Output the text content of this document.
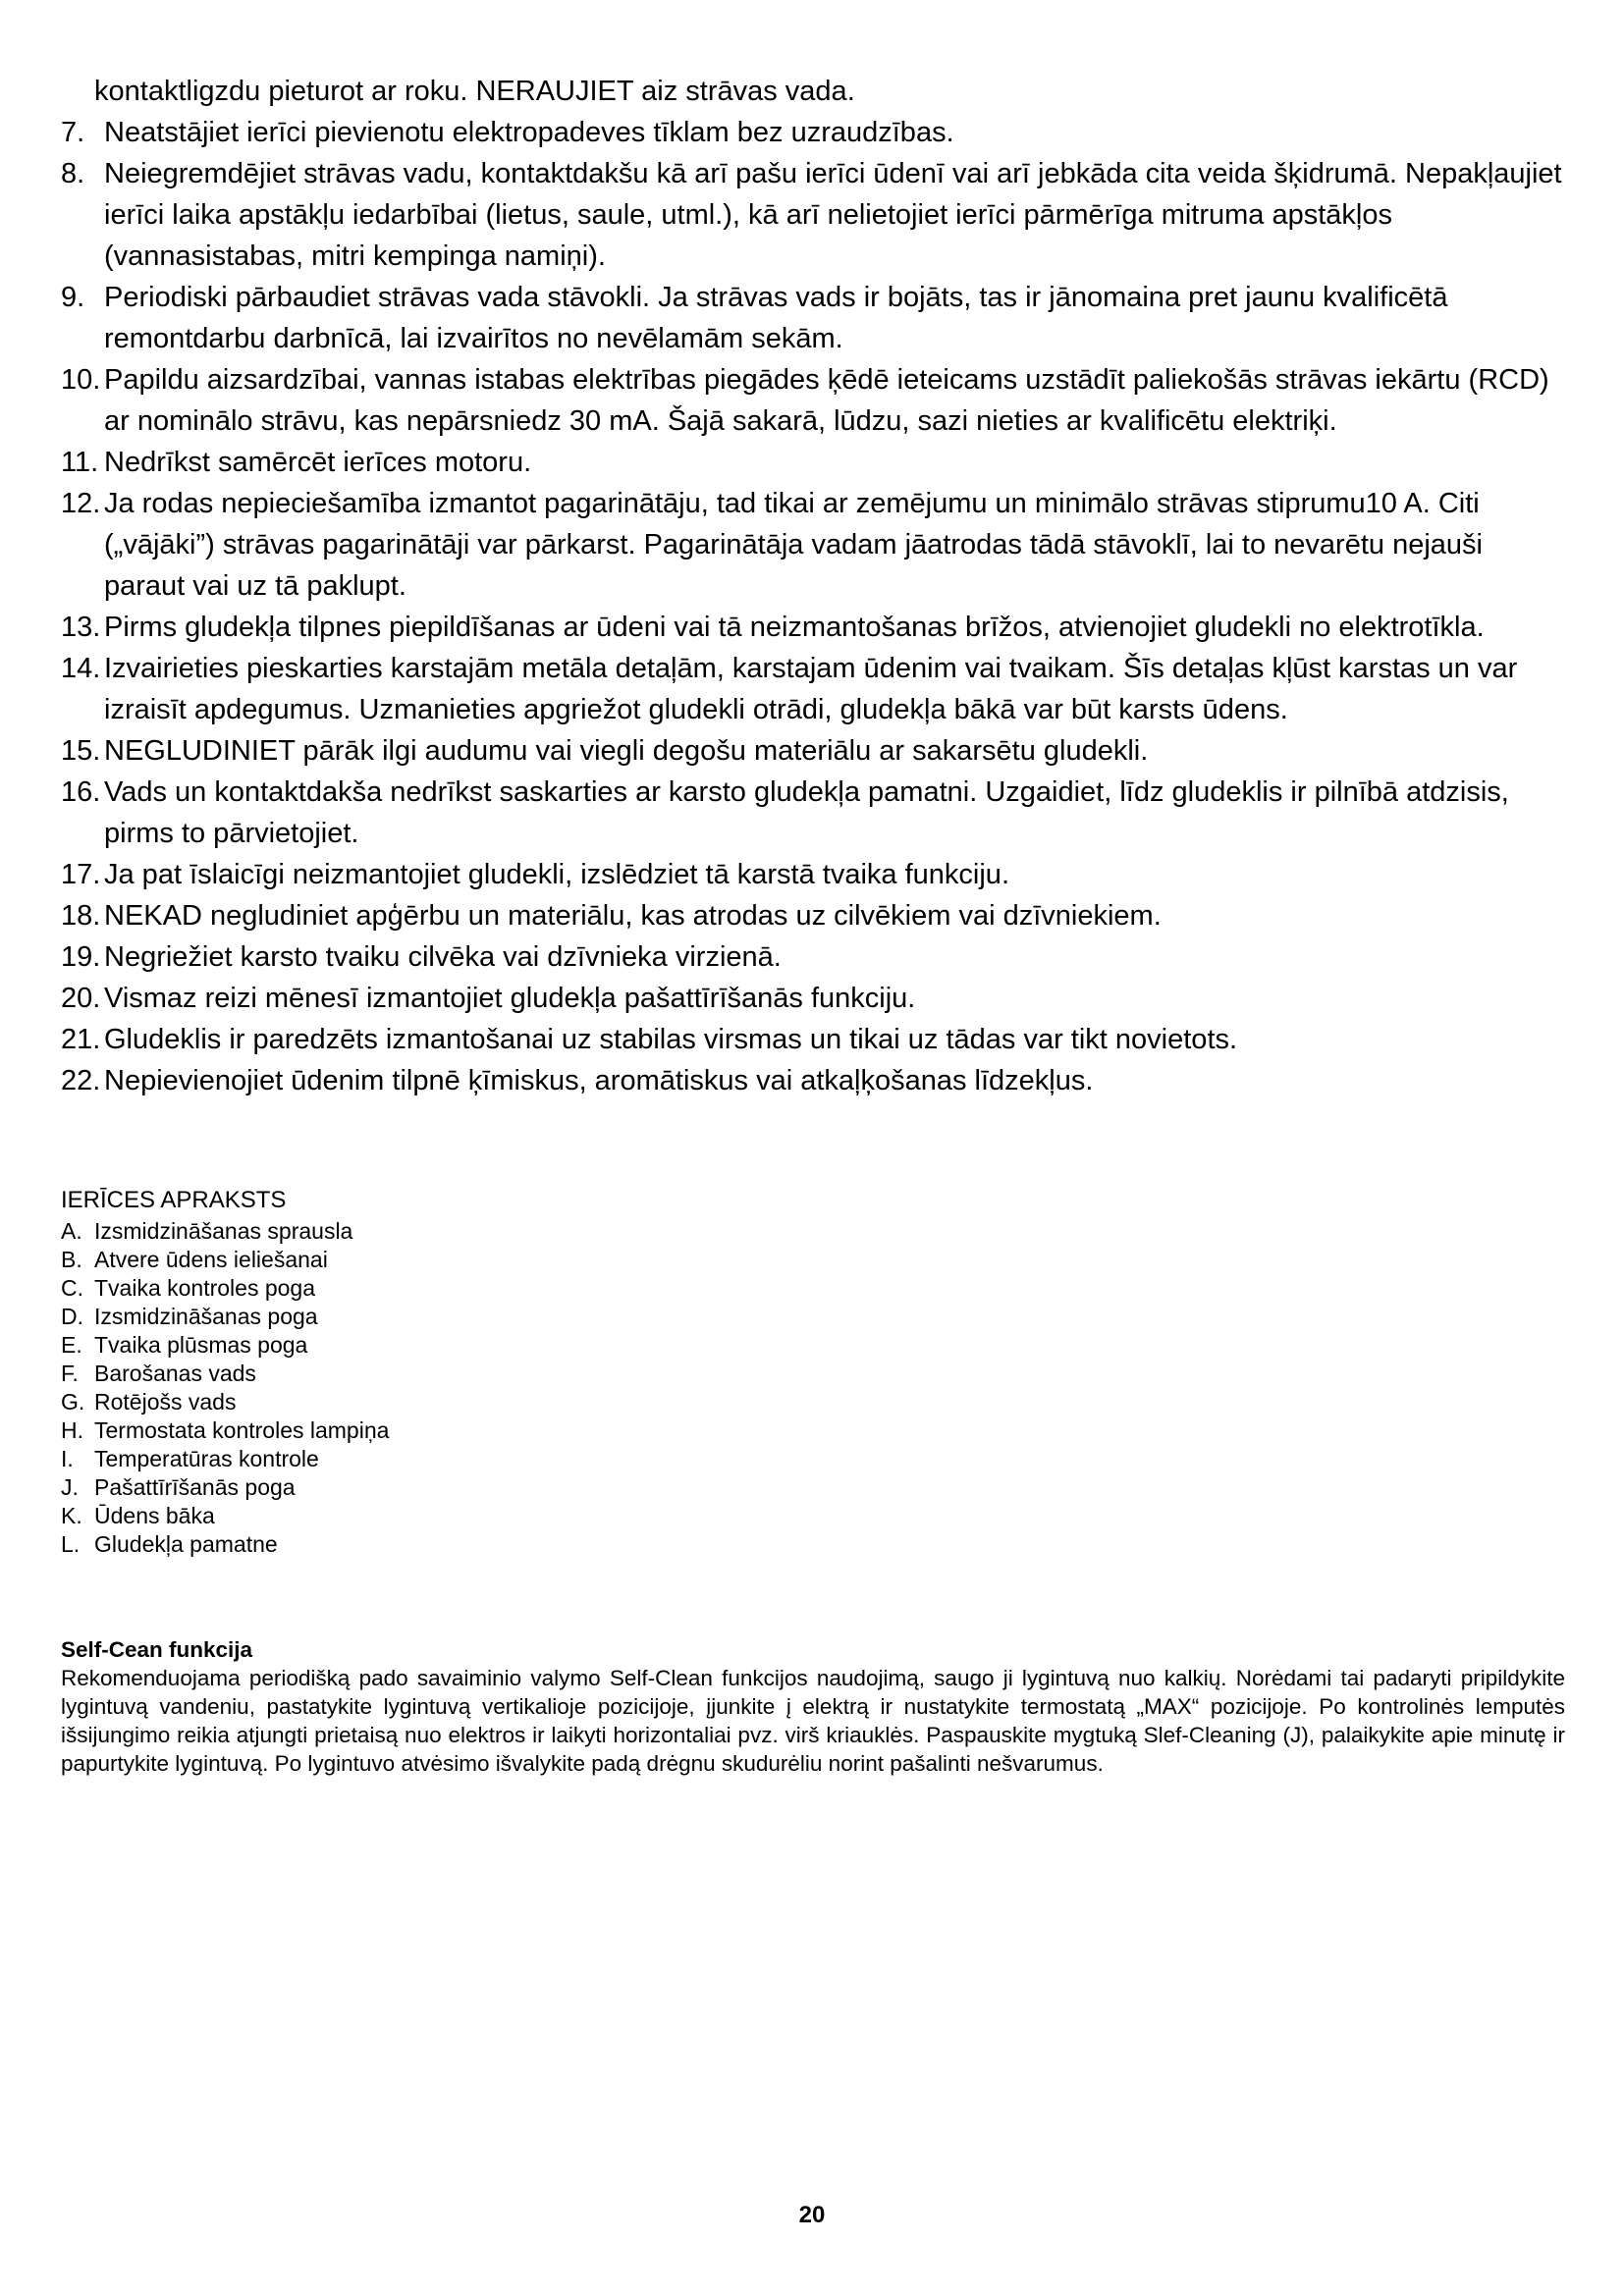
kontaktligzdu pieturot ar roku. NERAUJIET aiz strāvas vada.
7. Neatstājiet ierīci pievienotu elektropadeves tīklam bez uzraudzības.
8. Neiegremdējiet strāvas vadu, kontaktdakšu kā arī pašu ierīci ūdenī vai arī jebkāda cita veida šķidrumā. Nepakļaujiet ierīci laika apstākļu iedarbībai (lietus, saule, utml.), kā arī nelietojiet ierīci pārmērīga mitruma apstākļos (vannasistabas, mitri kempinga namiņi).
9. Periodiski pārbaudiet strāvas vada stāvokli. Ja strāvas vads ir bojāts, tas ir jānomaina pret jaunu kvalificētā remontdarbu darbnīcā, lai izvairītos no nevēlamām sekām.
10. Papildu aizsardzībai, vannas istabas elektrības piegādes ķēdē ieteicams uzstādīt paliekošās strāvas iekārtu (RCD) ar nominālo strāvu, kas nepārsniedz 30 mA. Šajā sakarā, lūdzu, sazi nieties ar kvalificētu elektriķi.
11. Nedrīkst samērcēt ierīces motoru.
12. Ja rodas nepieciešamība izmantot pagarinātāju, tad tikai ar zemējumu un minimālo strāvas stiprumu10 A. Citi („vājāki”) strāvas pagarinātāji var pārkarst. Pagarinātāja vadam jāatrodas tādā stāvoklī, lai to nevarētu nejauši paraut vai uz tā paklupt.
13. Pirms gludekļa tilpnes piepildīšanas ar ūdeni vai tā neizmantošanas brīžos, atvienojiet gludekli no elektrotīkla.
14. Izvairieties pieskarties karstajām metāla detaļām, karstajam ūdenim vai tvaikam. Šīs detaļas kļūst karstas un var izraisīt apdegumus. Uzmanieties apgriežot gludekli otrādi, gludekļa bākā var būt karsts ūdens.
15. NEGLUDINIET pārāk ilgi audumu vai viegli degošu materiālu ar sakarsētu gludekli.
16. Vads un kontaktdakša nedrīkst saskarties ar karsto gludekļa pamatni. Uzgaidiet, līdz gludeklis ir pilnībā atdzisis, pirms to pārvietojiet.
17. Ja pat īslaicīgi neizmantojiet gludekli, izslēdziet tā karstā tvaika funkciju.
18. NEKAD negludiniet apģērbu un materiālu, kas atrodas uz cilvēkiem vai dzīvniekiem.
19. Negriežiet karsto tvaiku cilvēka vai dzīvnieka virzienā.
20. Vismaz reizi mēnesī izmantojiet gludekļa pašattīrīšanās funkciju.
21. Gludeklis ir paredzēts izmantošanai uz stabilas virsmas un tikai uz tādas var tikt novietots.
22. Nepievienojiet ūdenim tilpnē ķīmiskus, aromātiskus vai atkaļķošanas līdzekļus.
IERĪCES APRAKSTS
A. Izsmidzināšanas sprausla
B. Atvere ūdens ieliešanai
C. Tvaika kontroles poga
D. Izsmidzināšanas poga
E. Tvaika plūsmas poga
F. Barošanas vads
G. Rotējošs vads
H. Termostata kontroles lampiņa
I. Temperatūras kontrole
J. Pašattīrīšanās poga
K. Ūdens bāka
L. Gludekļa pamatne
Self-Cean funkcija
Rekomenduojama periodišką pado savaiminio valymo Self-Clean funkcijos naudojimą, saugo ji lygintuvą nuo kalkių. Norėdami tai padaryti pripildykite lygintuvą vandeniu, pastatykite lygintuvą vertikalioje pozicijoje, įjunkite į elektrą ir nustatykite termostatą „MAX“ pozicijoje. Po kontrolinės lemputės išsijungimo reikia atjungti prietaisą nuo elektros ir laikyti horizontaliai pvz. virš kriauklės. Paspauskite mygtuką Slef-Cleaning (J), palaikykite apie minutę ir papurtykite lygintuvą. Po lygintuvo atvėsimo išvalykite padą drėgnu skudurėliu norint pašalinti nešvarumus.
20
